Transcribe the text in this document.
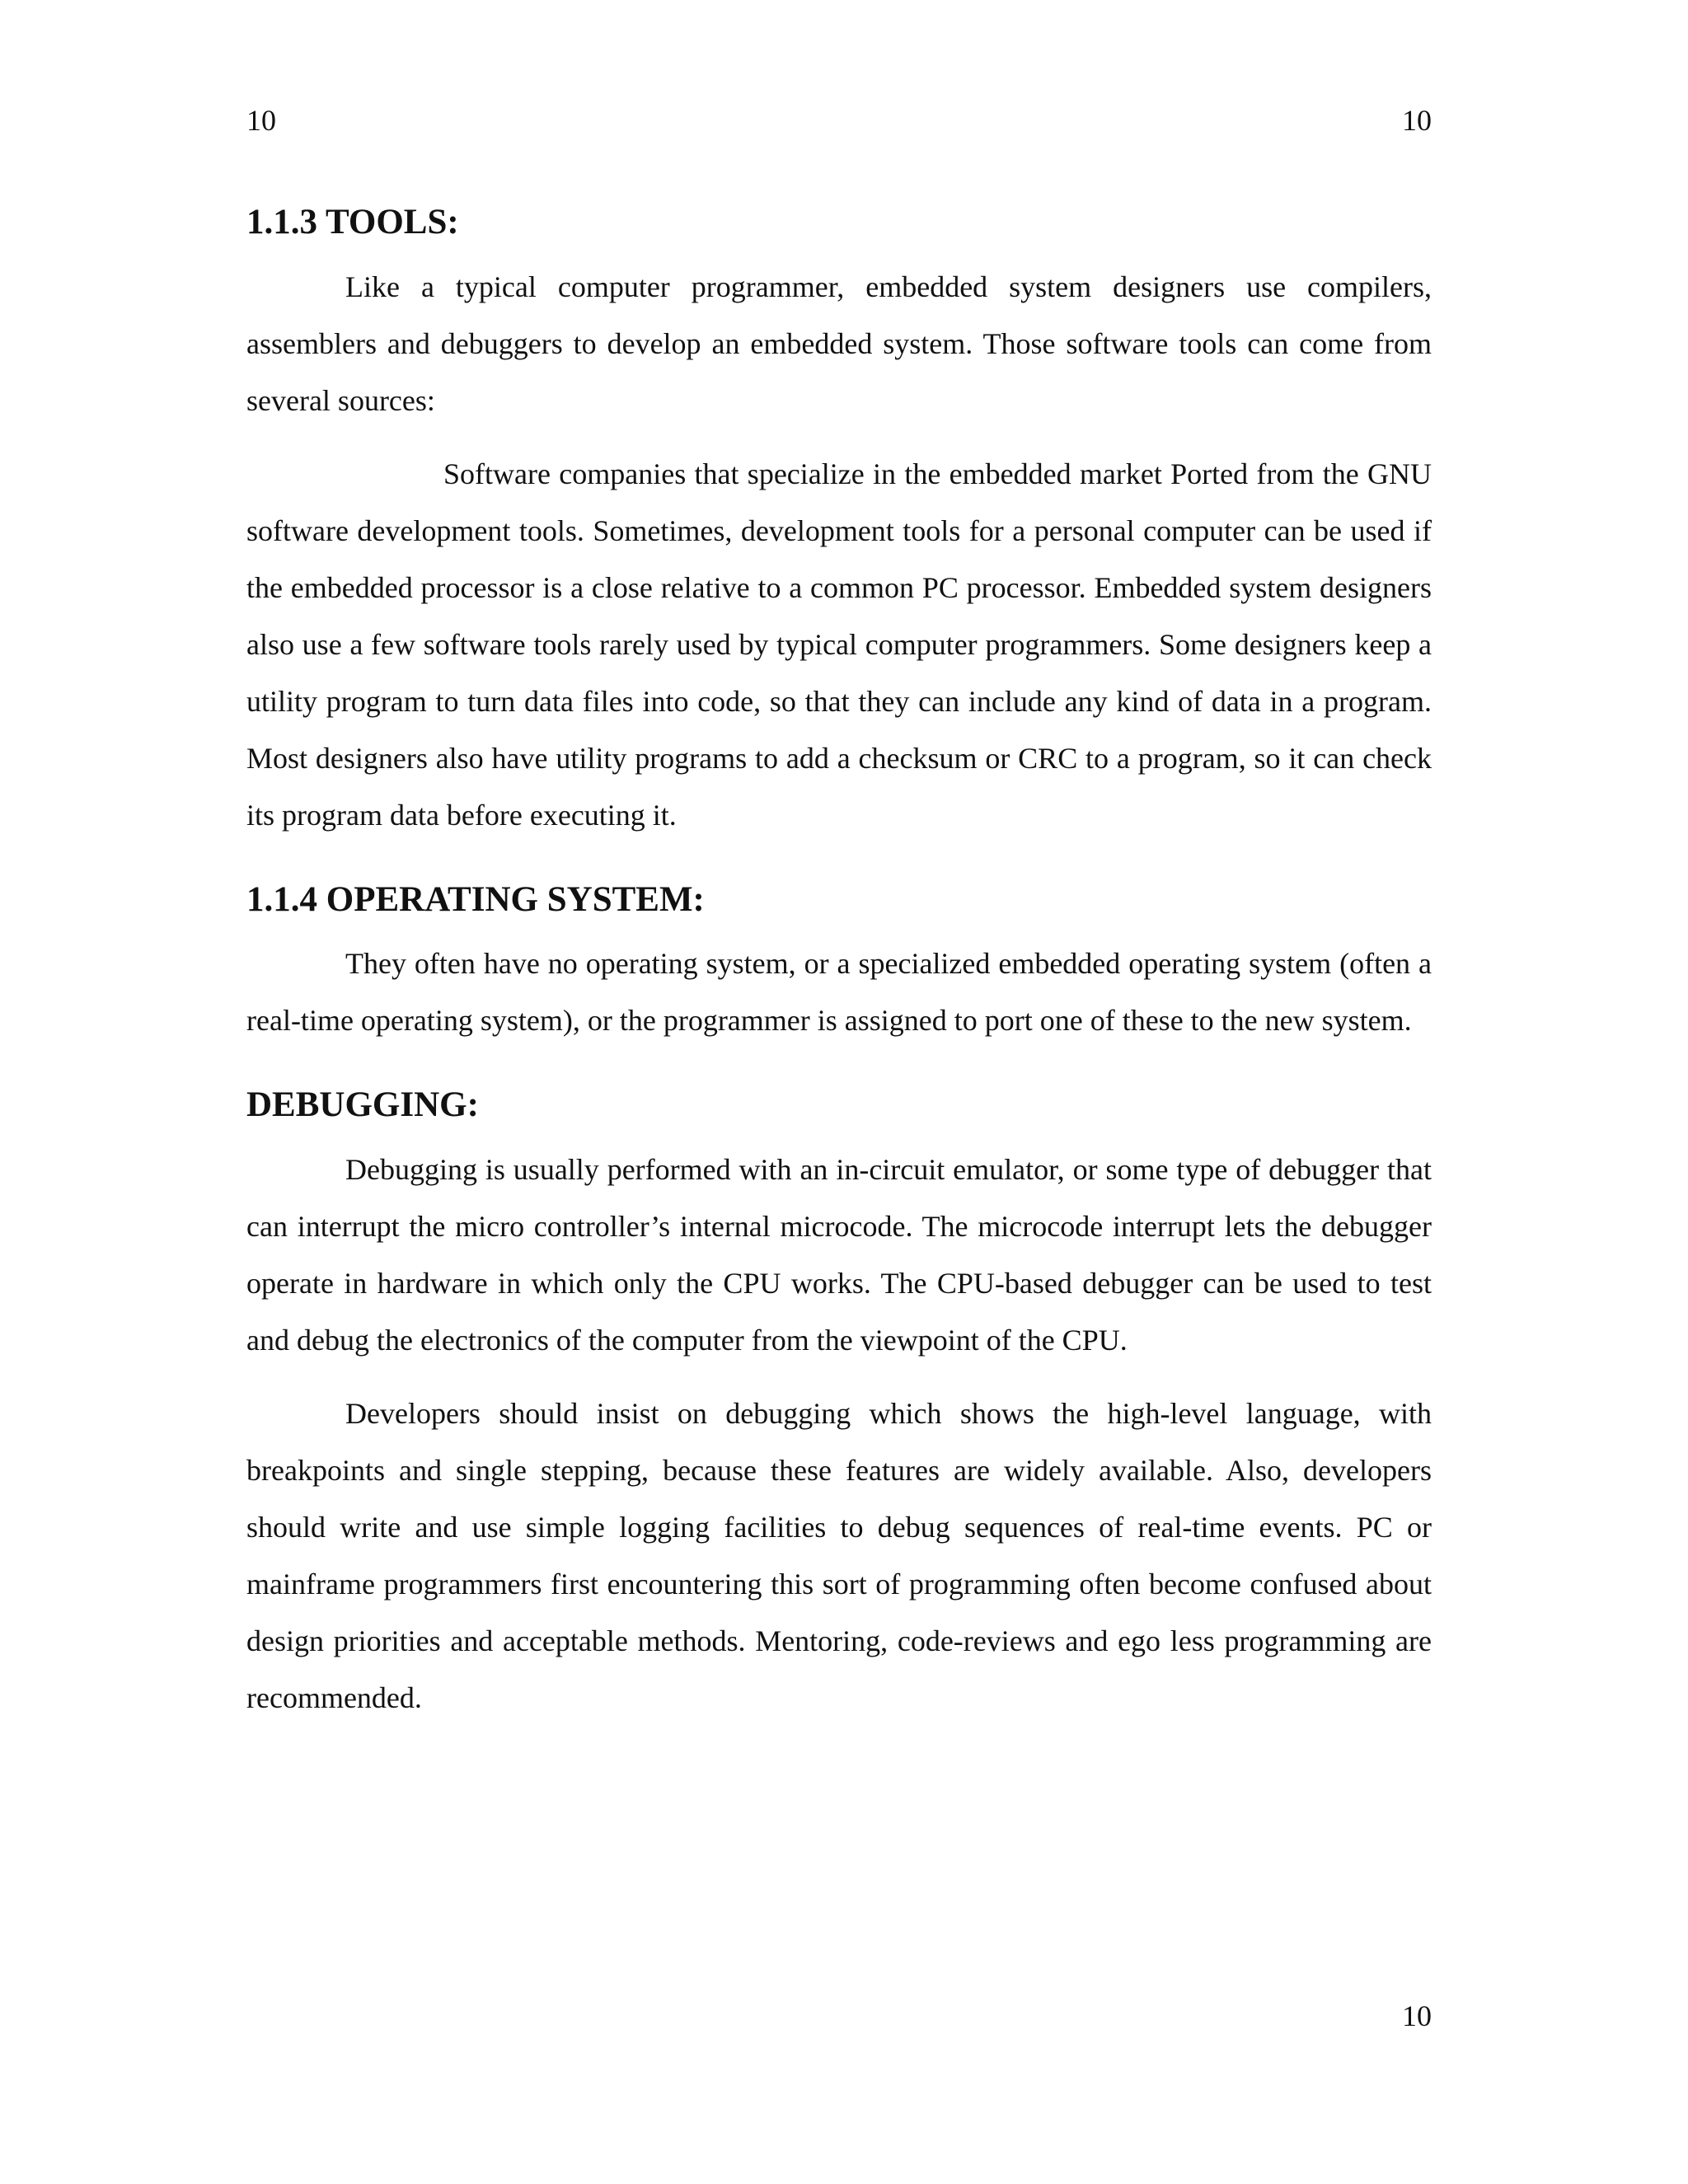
10	10
1.1.3 TOOLS:

Like a typical computer programmer, embedded system designers use compilers, assemblers and debuggers to develop an embedded system. Those software tools can come from several sources:

Software companies that specialize in the embedded market Ported from the GNU software development tools. Sometimes, development tools for a personal computer can be used if the embedded processor is a close relative to a common PC processor. Embedded system designers also use a few software tools rarely used by typical computer programmers. Some designers keep a utility program to turn data files into code, so that they can include any kind of data in a program. Most designers also have utility programs to add a checksum or CRC to a program, so it can check its program data before executing it.

1.1.4 OPERATING SYSTEM:

They often have no operating system, or a specialized embedded operating system (often a real-time operating system), or the programmer is assigned to port one of these to the new system.

DEBUGGING:

Debugging is usually performed with an in-circuit emulator, or some type of debugger that can interrupt the micro controller’s internal microcode. The microcode interrupt lets the debugger operate in hardware in which only the CPU works. The CPU-based debugger can be used to test and debug the electronics of the computer from the viewpoint of the CPU.

Developers should insist on debugging which shows the high-level language, with breakpoints and single stepping, because these features are widely available. Also, developers should write and use simple logging facilities to debug sequences of real-time events. PC or mainframe programmers first encountering this sort of programming often become confused about design priorities and acceptable methods. Mentoring, code-reviews and ego less programming are recommended.

10
